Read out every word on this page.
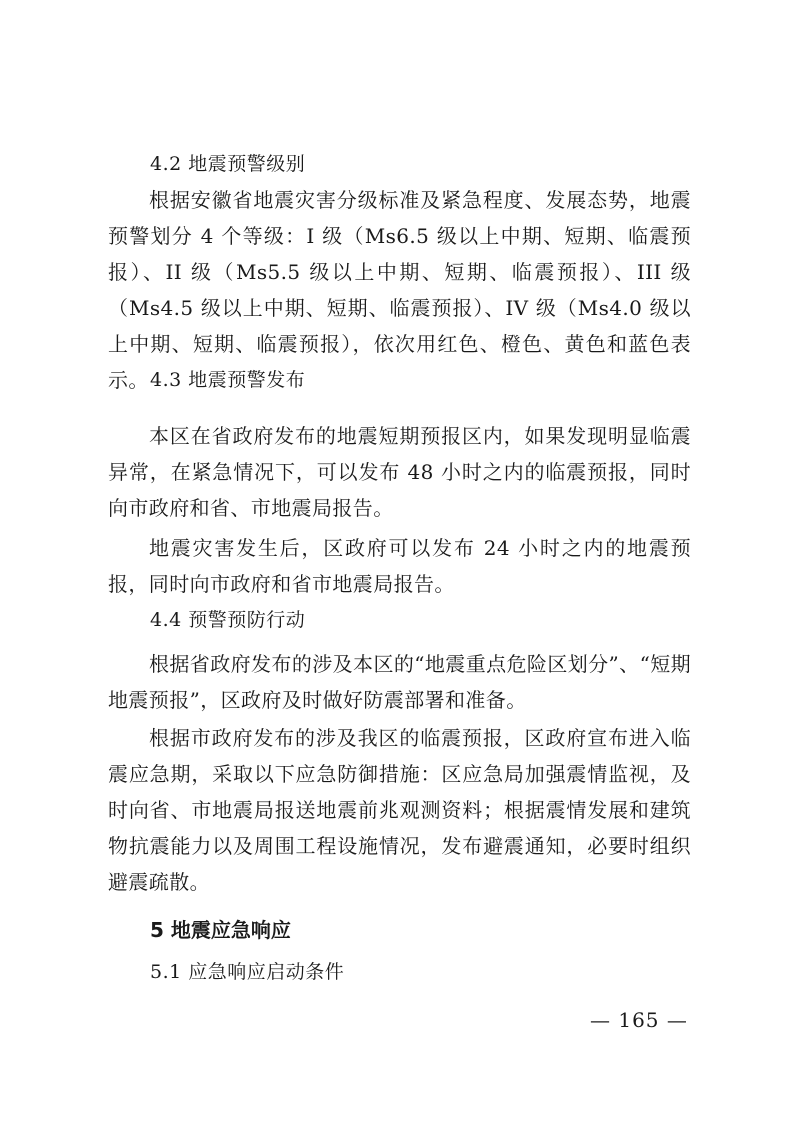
4.2 地震预警级别

根据安徽省地震灾害分级标准及紧急程度、发展态势，地震预警划分 4 个等级：I 级（Ms6.5 级以上中期、短期、临震预报）、II 级（Ms5.5 级以上中期、短期、临震预报）、III 级（Ms4.5 级以上中期、短期、临震预报）、IV 级（Ms4.0 级以上中期、短期、临震预报），依次用红色、橙色、黄色和蓝色表示。 4.3 地震预警发布

本区在省政府发布的地震短期预报区内，如果发现明显临震异常，在紧急情况下，可以发布 48 小时之内的临震预报，同时向市政府和省、市地震局报告。

地震灾害发生后，区政府可以发布 24 小时之内的地震预报，同时向市政府和省市地震局报告。

4.4 预警预防行动

根据省政府发布的涉及本区的“地震重点危险区划分”、“短期地震预报”，区政府及时做好防震部署和准备。

根据市政府发布的涉及我区的临震预报，区政府宣布进入临震应急期，采取以下应急防御措施：区应急局加强震情监视，及时向省、市地震局报送地震前兆观测资料；根据震情发展和建筑物抗震能力以及周围工程设施情况，发布避震通知，必要时组织避震疏散。

5 地震应急响应

5.1 应急响应启动条件

— 165 —
